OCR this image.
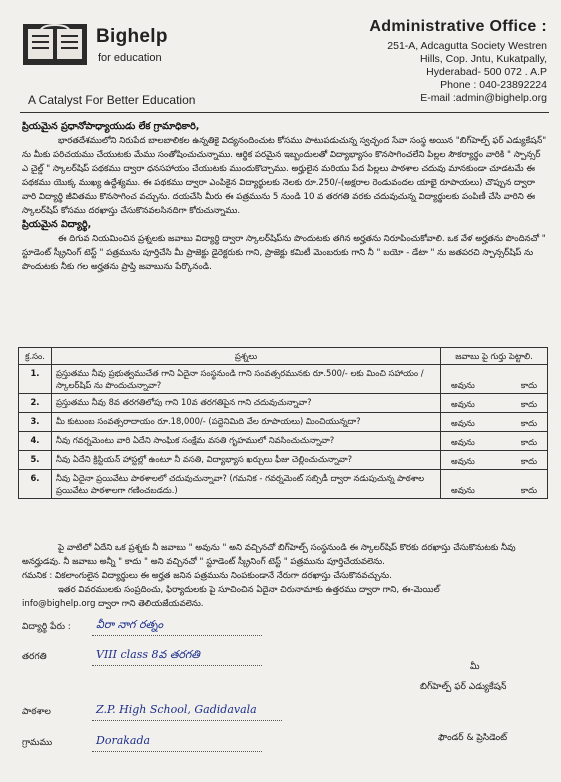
Bighelp
for education
A Catalyst For Better Education
Administrative Office :
251-A, Adcagutta Society Westren
Hills, Cop. Jntu, Kukatpally,
Hyderabad- 500 072 . A.P
Phone : 040-23892224
E-mail :admin@bighelp.org
ప్రియమైన ప్రధానోపాధ్యాయుడు లేక గ్రామాధికారి,
భారతదేశములోని నిరుపేద బాలబాలికల ఉన్నతికై విద్యనందించుట కోసము పాటుపడుచున్న స్వచ్ఛంద సేవా సంస్థ అయిన "బిగ్‌హెల్ప్ ఫర్ ఎడ్యుకేషన్" ను మీకు పరిచయము చేయుటకు మేము సంతోషించుచున్నాము. ఆర్థిక పరమైన ఇబ్బందులతో విద్యాభ్యాసం కొనసాగించలేని పిల్లల సౌకర్యార్థం వారికి " స్పాన్సర్ ఎ చైల్డ్ " స్కాలర్‌షిప్ పథకము ద్వారా ధనసహాయం చేయుటకు ముందుకొచ్చాము. అర్హులైన మరియు పేద పిల్లలు పాఠశాల చదువు మానకుండా చూడటమే ఈ పథకము యొక్క ముఖ్య ఉద్దేశ్యము. ఈ పథకము ద్వారా ఎంపికైన విద్యార్థులకు నెలకు రూ.250/-(అక్షరాల రెండువందల యాభై రూపాయలు) చొప్పున ద్వారా వారి విద్యార్థి జీవితము కొనసాగించ వచ్చును. దయచేసి మీరు ఈ పత్రమును 5 నుండి 10 వ తరగతి వరకు చదువుచున్న విద్యార్థులకు పంపిణీ చేసి వారిని ఈ స్కాలర్‌షిప్ కోసము దరఖాస్తు చేసుకొనవలసినదిగా కోరుచున్నాము.
ప్రియమైన విద్యార్థి,
ఈ దిగువ నియమించిన ప్రశ్నలకు జవాబు విద్యార్థి ద్వారా స్కాలర్‌షిప్‌ను పొందుటకు తగిన అర్హతను నిరూపించుకోవాలి. ఒక వేళ అర్హతను పొందినచో " స్టూడెంట్ స్క్రీనింగ్ టెస్ట్ " పత్రమును పూర్తిచేసి మీ ప్రాజెక్టు డైరెక్టరుకు గాని, ప్రాజెక్టు కమిటీ మెంబరుకు గాని నీ " బయో - డేటా " ను జతపరచి స్పాన్సర్‌షిప్ ను పొందుటకు నీకు గల అర్హతను ప్రాప్తి జవాబును పేర్కొనండి.
క్ర.సం.	ప్రశ్నలు	జవాబు పై గుర్తు పెట్టాలి.
1.	ప్రస్తుతము నీవు ప్రభుత్వముచేత గాని ఏదైనా సంస్థనుండి గాని సంవత్సరమునకు రూ.500/- లకు మించి సహాయం / స్కాలర్‌షిప్ ను పొందుచున్నావా?	అవును కాదు

2.	ప్రస్తుతము నీవు 8వ తరగతిలోపు గాని 10వ తరగతిపైన గాని చదువుచున్నావా?	అవును కాదు

3.	మీ కుటుంబ సంవత్సరాదాయం రూ.18,000/- (పద్దెనిమిది వేల రూపాయలు) మించియున్నదా?	అవును కాదు

4.	నీవు గవర్నమెంటు వారి ఏదేని సాంఘిక సంక్షేమ వసతి గృహములో నివసించుచున్నావా?	అవును కాదు

5.	నీవు ఏదేని క్రిస్టియన్ హాస్టల్లో ఉంటూ నీ వసతి, విద్యాభ్యాస ఖర్చులు ఫీజు చెల్లించుచున్నావా?	అవును కాదు

6.	నీవు ఏదైనా ప్రయివేటు పాఠశాలలో చదువుచున్నావా? (గమనిక - గవర్నమెంట్ సబ్సిడీ ద్వారా నడుపుచున్న పాఠశాల ప్రయివేటు పాఠశాలగా గణించబడదు.)	అవును కాదు
పై వాటిలో ఏదేని ఒక ప్రశ్నకు నీ జవాబు " అవును " అని వచ్చినచో బిగ్‌హెల్ప్ సంస్థనుండి ఈ స్కాలర్‌షిప్ కొరకు దరఖాస్తు చేసుకొనుటకు నీవు అనర్హుడవు. నీ జవాబు అన్నీ " కాదు " అని వచ్చినచో " స్టూడెంట్ స్క్రీనింగ్ టెస్ట్ " పత్రమును పూర్తిచేయవలెను.
గమనిక : వికలాంగులైన విద్యార్థులు ఈ అర్హత జనిన పత్రమును నింపకుండానే నేరుగా దరఖాస్తు చేసుకొనవచ్చును.
ఇతర వివరములకు సంప్రదించు, ఫిర్యాదులకు పై సూచించిన ఏదైనా చిరునామాకు ఉత్తరము ద్వారా గాని, ఈ-మెయిల్
info@bighelp.org ద్వారా గాని తెలియజేయవలెను.
విద్యార్థి పేరు : వీరా నాగ రత్నం
తరగతి	VIII class 8వ తరగతి
పాఠశాల	Z.P. High School, Gadidavala
గ్రామము	Dorakada
మీ
బిగ్‌హెల్ప్ ఫర్ ఎడ్యుకేషన్
ఫౌండర్ & ప్రెసిడెంట్
